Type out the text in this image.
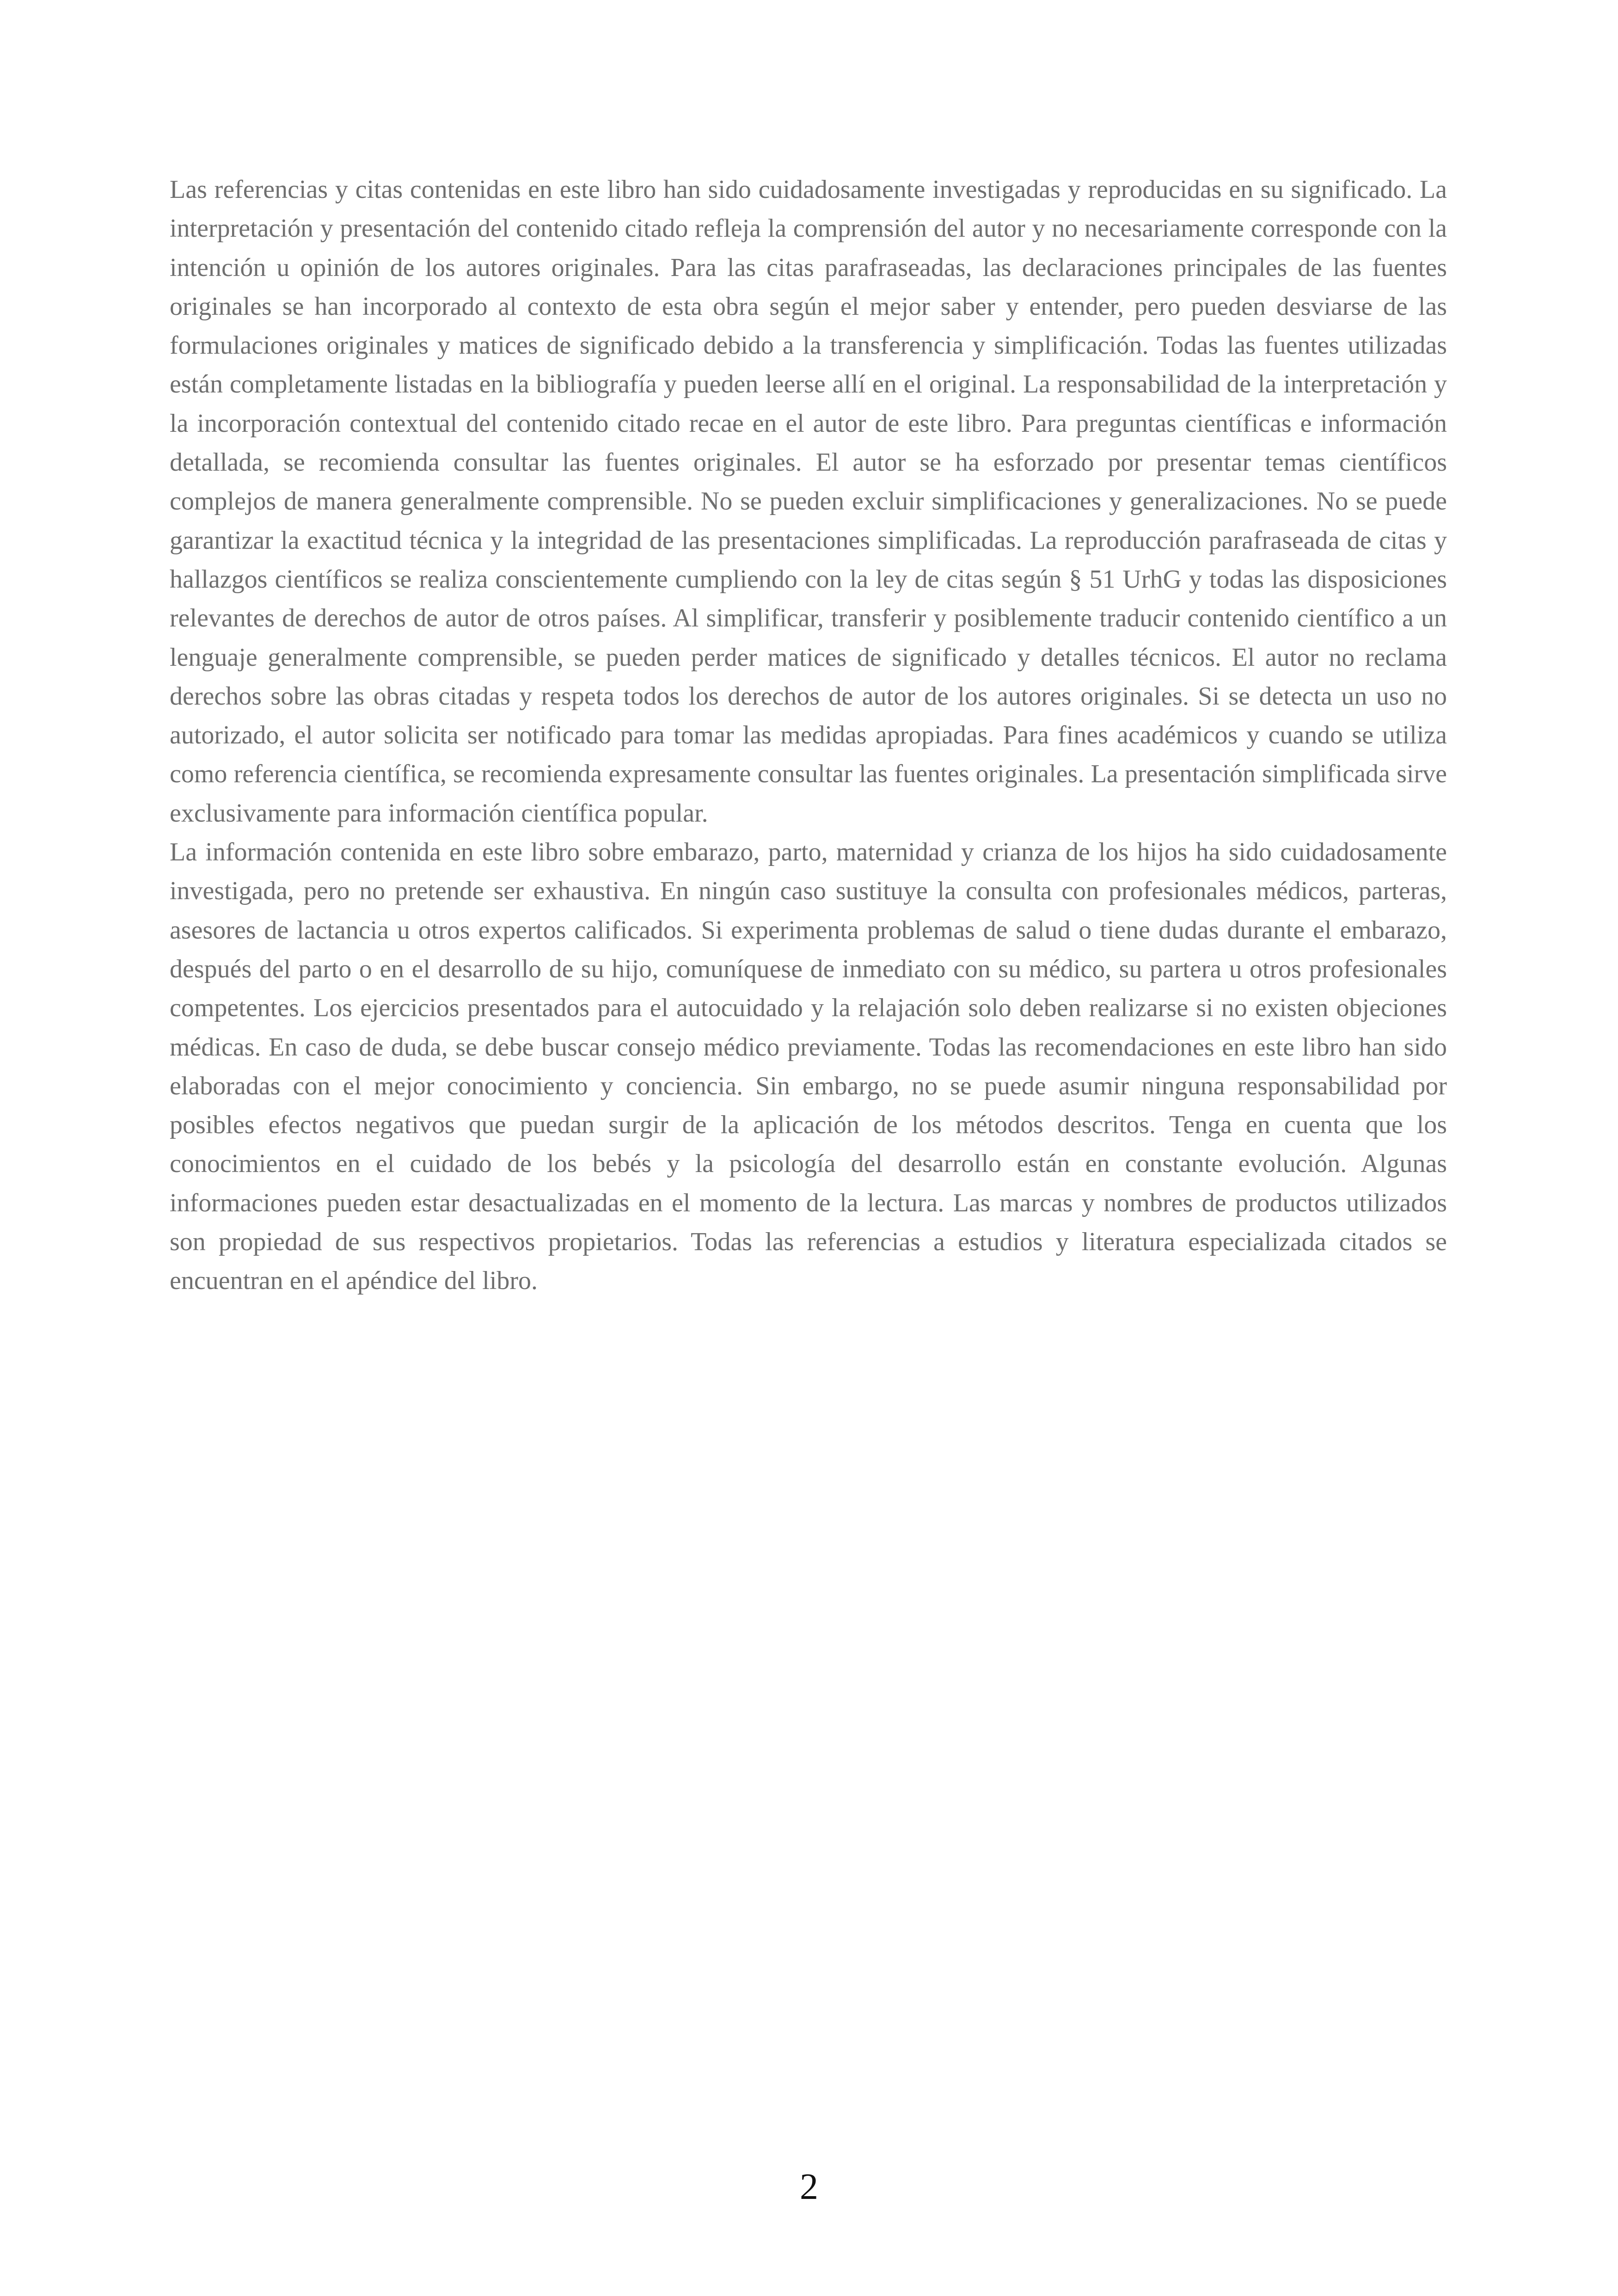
Las referencias y citas contenidas en este libro han sido cuidadosamente investigadas y reproducidas en su significado. La interpretación y presentación del contenido citado refleja la comprensión del autor y no necesariamente corresponde con la intención u opinión de los autores originales. Para las citas parafraseadas, las declaraciones principales de las fuentes originales se han incorporado al contexto de esta obra según el mejor saber y entender, pero pueden desviarse de las formulaciones originales y matices de significado debido a la transferencia y simplificación. Todas las fuentes utilizadas están completamente listadas en la bibliografía y pueden leerse allí en el original. La responsabilidad de la interpretación y la incorporación contextual del contenido citado recae en el autor de este libro. Para preguntas científicas e información detallada, se recomienda consultar las fuentes originales. El autor se ha esforzado por presentar temas científicos complejos de manera generalmente comprensible. No se pueden excluir simplificaciones y generalizaciones. No se puede garantizar la exactitud técnica y la integridad de las presentaciones simplificadas. La reproducción parafraseada de citas y hallazgos científicos se realiza conscientemente cumpliendo con la ley de citas según § 51 UrhG y todas las disposiciones relevantes de derechos de autor de otros países. Al simplificar, transferir y posiblemente traducir contenido científico a un lenguaje generalmente comprensible, se pueden perder matices de significado y detalles técnicos. El autor no reclama derechos sobre las obras citadas y respeta todos los derechos de autor de los autores originales. Si se detecta un uso no autorizado, el autor solicita ser notificado para tomar las medidas apropiadas. Para fines académicos y cuando se utiliza como referencia científica, se recomienda expresamente consultar las fuentes originales. La presentación simplificada sirve exclusivamente para información científica popular.

La información contenida en este libro sobre embarazo, parto, maternidad y crianza de los hijos ha sido cuidadosamente investigada, pero no pretende ser exhaustiva. En ningún caso sustituye la consulta con profesionales médicos, parteras, asesores de lactancia u otros expertos calificados. Si experimenta problemas de salud o tiene dudas durante el embarazo, después del parto o en el desarrollo de su hijo, comuníquese de inmediato con su médico, su partera u otros profesionales competentes. Los ejercicios presentados para el autocuidado y la relajación solo deben realizarse si no existen objeciones médicas. En caso de duda, se debe buscar consejo médico previamente. Todas las recomendaciones en este libro han sido elaboradas con el mejor conocimiento y conciencia. Sin embargo, no se puede asumir ninguna responsabilidad por posibles efectos negativos que puedan surgir de la aplicación de los métodos descritos. Tenga en cuenta que los conocimientos en el cuidado de los bebés y la psicología del desarrollo están en constante evolución. Algunas informaciones pueden estar desactualizadas en el momento de la lectura. Las marcas y nombres de productos utilizados son propiedad de sus respectivos propietarios. Todas las referencias a estudios y literatura especializada citados se encuentran en el apéndice del libro.

2
